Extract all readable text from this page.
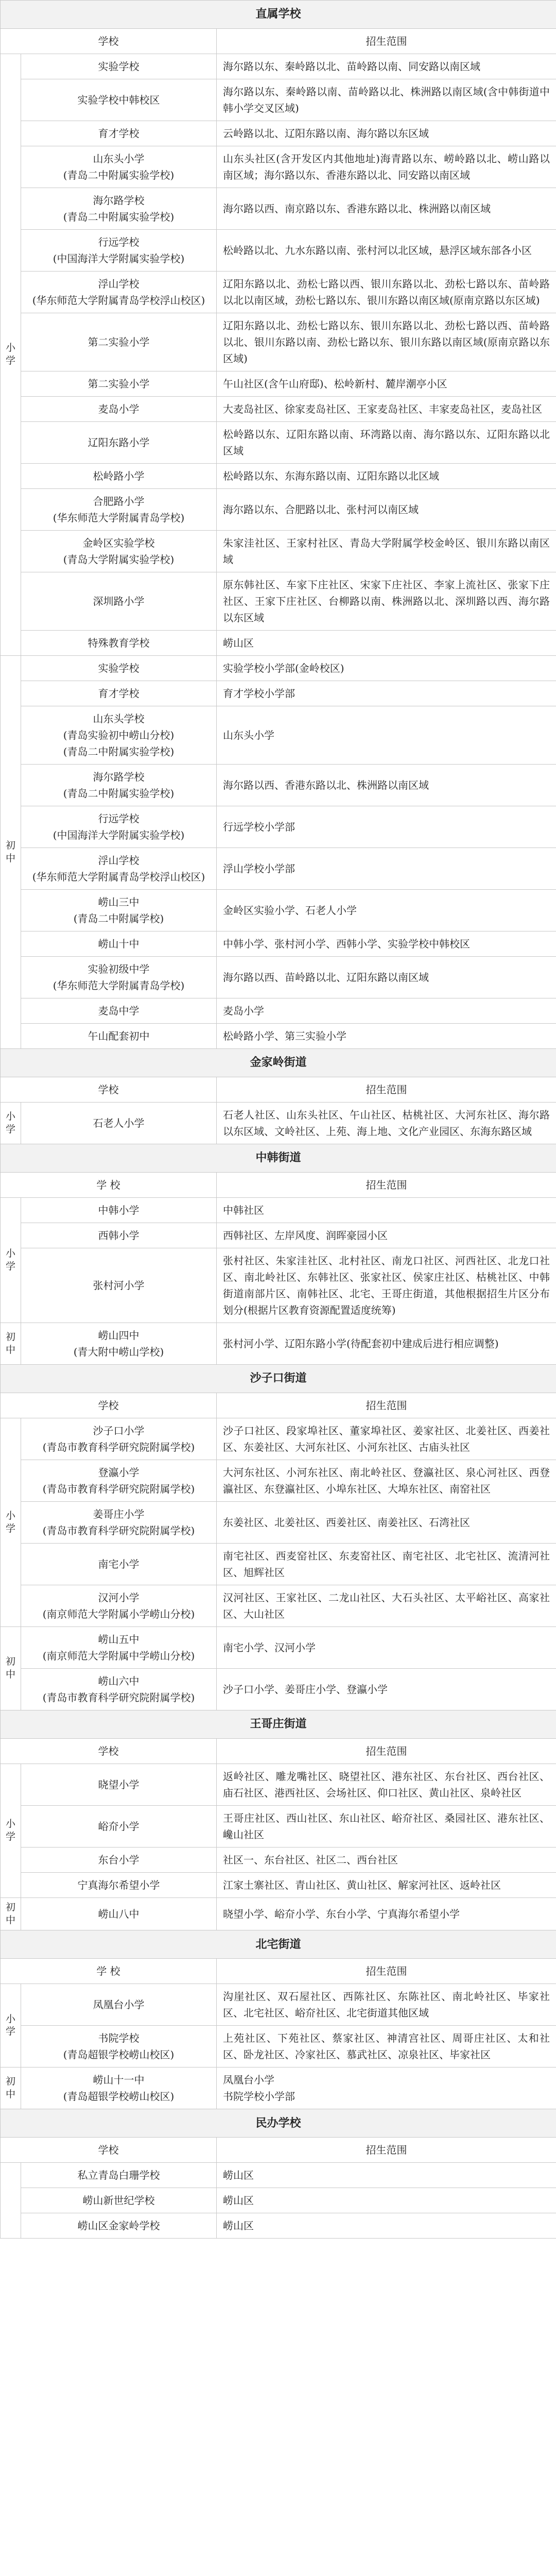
直属学校		
学校		招生范围
小学	实验学校	海尔路以东、秦岭路以北、苗岭路以南、同安路以南区域
	实验学校中韩校区	海尔路以东、秦岭路以南、苗岭路以北、株洲路以南区域(含中韩街道中韩小学交叉区域)
	育才学校	云岭路以北、辽阳东路以南、海尔路以东区域
	山东头小学
(青岛二中附属实验学校)	山东头社区(含开发区内其他地址)海青路以东、崂岭路以北、崂山路以南区域；海尔路以东、香港东路以北、同安路以南区域
	海尔路学校
(青岛二中附属实验学校)	海尔路以西、南京路以东、香港东路以北、株洲路以南区域
	行远学校
(中国海洋大学附属实验学校)	松岭路以北、九水东路以南、张村河以北区域，悬浮区域东部各小区
	浮山学校
(华东师范大学附属青岛学校浮山校区)	辽阳东路以北、劲松七路以西、银川东路以北、劲松七路以东、苗岭路以北以南区域，劲松七路以东、银川东路以南区域(原南京路以东区域)
	第二实验小学	辽阳东路以北、劲松七路以东、银川东路以北、劲松七路以西、苗岭路以北、银川东路以南、劲松七路以东、银川东路以南区域(原南京路以东区域)
	第二实验小学	午山社区(含午山府邸)、松岭新村、麓岸潮亭小区
	麦岛小学	大麦岛社区、徐家麦岛社区、王家麦岛社区、丰家麦岛社区，麦岛社区
	辽阳东路小学	松岭路以东、辽阳东路以南、环湾路以南、海尔路以东、辽阳东路以北区域
	松岭路小学	松岭路以东、东海东路以南、辽阳东路以北区域
	合肥路小学
(华东师范大学附属青岛学校)	海尔路以东、合肥路以北、张村河以南区域
	金岭区实验学校
(青岛大学附属实验学校)	朱家洼社区、王家村社区、青岛大学附属学校金岭区、银川东路以南区域
	深圳路小学	原东韩社区、车家下庄社区、宋家下庄社区、李家上流社区、张家下庄社区、王家下庄社区、台柳路以南、株洲路以北、深圳路以西、海尔路以东区域
	特殊教育学校	崂山区
初中	实验学校	实验学校小学部(金岭校区)
	育才学校	育才学校小学部
	山东头学校
(青岛实验初中崂山分校)
(青岛二中附属实验学校)	山东头小学
	海尔路学校
(青岛二中附属实验学校)	海尔路以西、香港东路以北、株洲路以南区域
	行远学校
(中国海洋大学附属实验学校)	行远学校小学部
	浮山学校
(华东师范大学附属青岛学校浮山校区)	浮山学校小学部
	崂山三中
(青岛二中附属学校)	金岭区实验小学、石老人小学
	崂山十中	中韩小学、张村河小学、西韩小学、实验学校中韩校区
	实验初级中学
(华东师范大学附属青岛学校)	海尔路以西、苗岭路以北、辽阳东路以南区域
	麦岛中学	麦岛小学
	午山配套初中	松岭路小学、第三实验小学
金家岭街道		
学校		招生范围
小学	石老人小学	石老人社区、山东头社区、午山社区、枯桃社区、大河东社区、海尔路以东区域、文岭社区、上苑、海上地、文化产业园区、东海东路区域
中韩街道		
学 校		招生范围
小学	中韩小学	中韩社区
	西韩小学	西韩社区、左岸风度、润晖豪园小区
	张村河小学	张村社区、朱家洼社区、北村社区、南龙口社区、河西社区、北龙口社区、南北岭社区、东韩社区、张家社区、侯家庄社区、枯桃社区、中韩街道南部片区、南韩社区、北宅、王哥庄街道，其他根据招生片区分布划分(根据片区教育资源配置适度统筹)
初中	崂山四中
(青大附中崂山学校)	张村河小学、辽阳东路小学(待配套初中建成后进行相应调整)
沙子口街道		
学校		招生范围
小学	沙子口小学
(青岛市教育科学研究院附属学校)	沙子口社区、段家埠社区、董家埠社区、姜家社区、北姜社区、西姜社区、东姜社区、大河东社区、小河东社区、古庙头社区
	登瀛小学
(青岛市教育科学研究院附属学校)	大河东社区、小河东社区、南北岭社区、登瀛社区、泉心河社区、西登瀛社区、东登瀛社区、小埠东社区、大埠东社区、南窑社区
	姜哥庄小学
(青岛市教育科学研究院附属学校)	东姜社区、北姜社区、西姜社区、南姜社区、石湾社区
	南宅小学	南宅社区、西麦窑社区、东麦窑社区、南宅社区、北宅社区、流清河社区、旭辉社区
	汉河小学
(南京师范大学附属小学崂山分校)	汉河社区、王家社区、二龙山社区、大石头社区、太平峪社区、高家社区、大山社区
初中	崂山五中
(南京师范大学附属中学崂山分校)	南宅小学、汉河小学
	崂山六中
(青岛市教育科学研究院附属学校)	沙子口小学、姜哥庄小学、登瀛小学
王哥庄街道		
学校		招生范围
小学	晓望小学	返岭社区、雕龙嘴社区、晓望社区、港东社区、东台社区、西台社区、庙石社区、港西社区、会场社区、仰口社区、黄山社区、泉岭社区
	峪夼小学	王哥庄社区、西山社区、东山社区、峪夼社区、桑园社区、港东社区、巉山社区
	东台小学	社区一、东台社区、社区二、西台社区
	宁真海尔希望小学	江家土寨社区、青山社区、黄山社区、解家河社区、返岭社区
初中	崂山八中	晓望小学、峪夼小学、东台小学、宁真海尔希望小学
北宅街道		
学 校		招生范围
小学	凤凰台小学	沟崖社区、双石屋社区、西陈社区、东陈社区、南北岭社区、毕家社区、北宅社区、峪夼社区、北宅街道其他区域
	书院学校
(青岛超银学校崂山校区)	上苑社区、下苑社区、蔡家社区、神清宫社区、周哥庄社区、太和社区、卧龙社区、冷家社区、慕武社区、凉泉社区、毕家社区
初中	崂山十一中
(青岛超银学校崂山校区)	凤凰台小学
书院学校小学部
民办学校		
学校		招生范围
	私立青岛白珊学校	崂山区
	崂山新世纪学校	崂山区
	崂山区金家岭学校	崂山区
